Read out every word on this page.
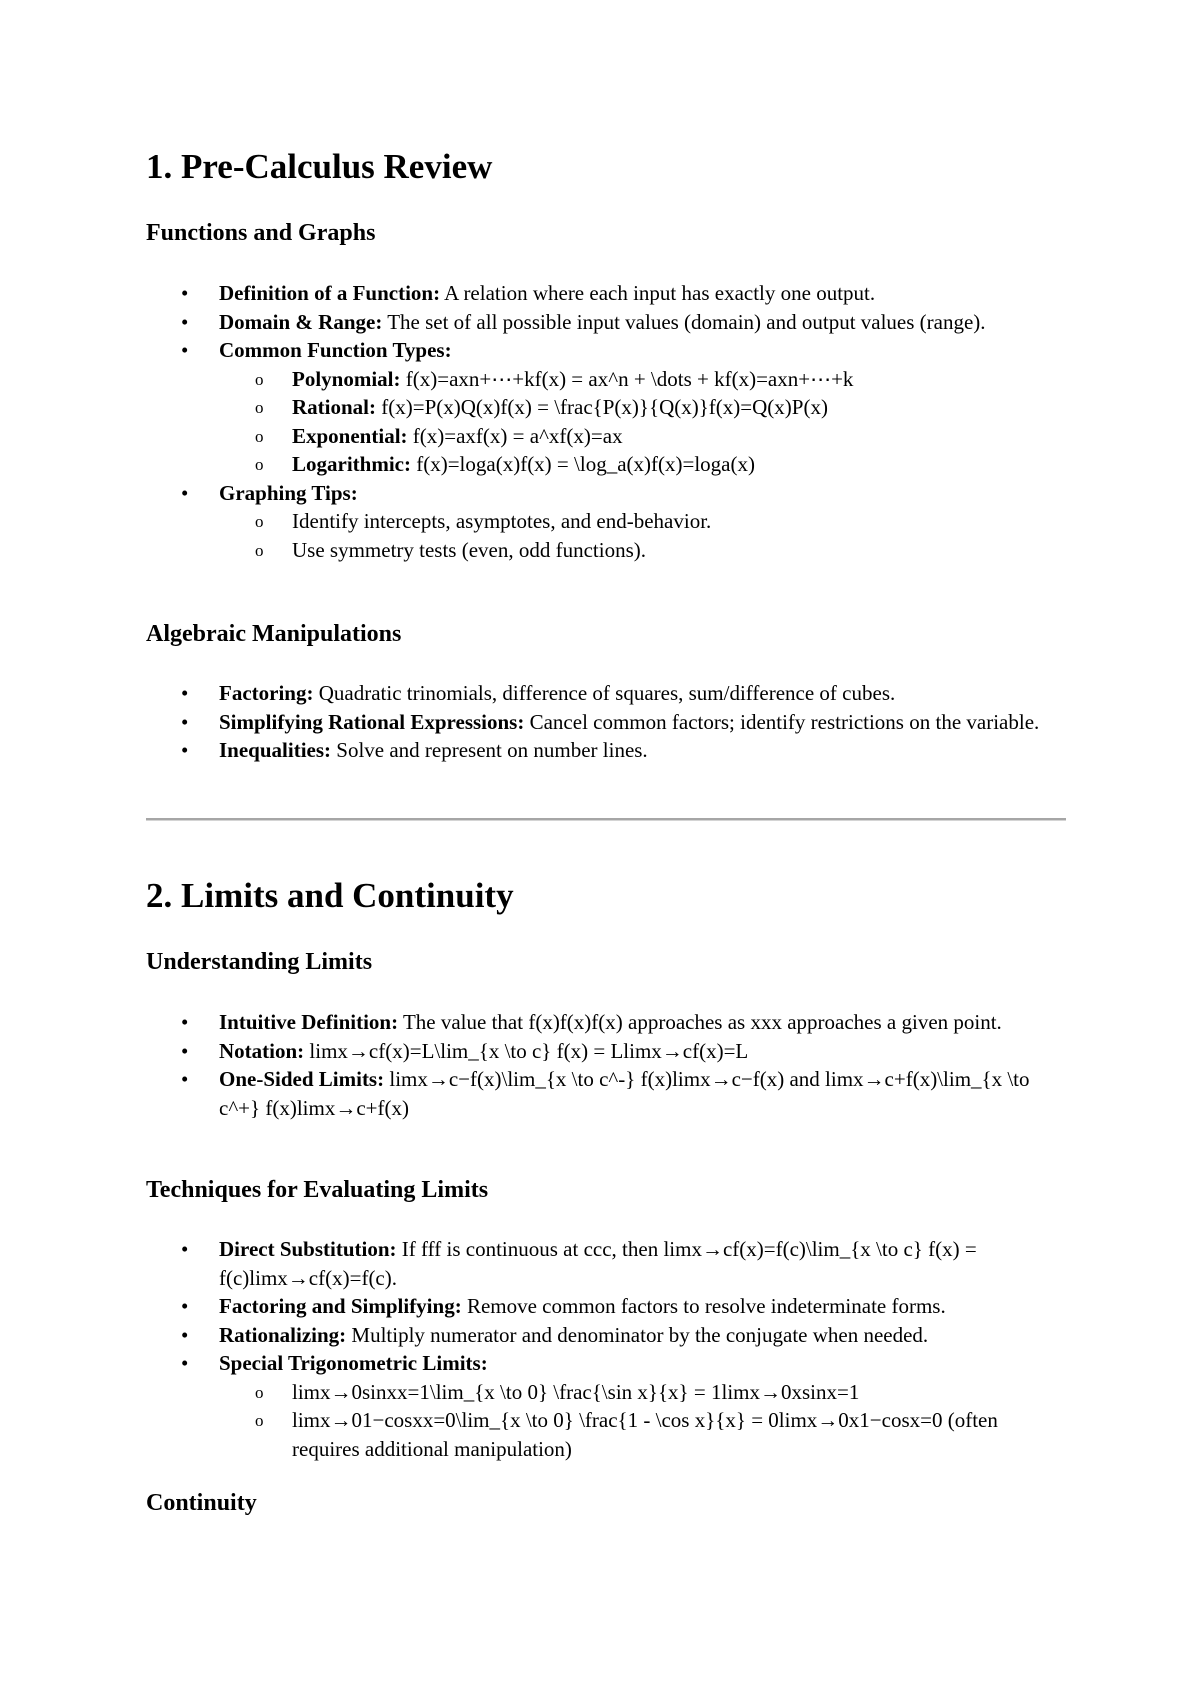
1. Pre-Calculus Review
Functions and Graphs
• Definition of a Function: A relation where each input has exactly one output.
• Domain & Range: The set of all possible input values (domain) and output values (range).
• Common Function Types:
o Polynomial: f(x)=axn+⋯+kf(x) = ax^n + \dots + kf(x)=axn+⋯+k
o Rational: f(x)=P(x)Q(x)f(x) = \frac{P(x)}{Q(x)}f(x)=Q(x)P(x)
o Exponential: f(x)=axf(x) = a^xf(x)=ax
o Logarithmic: f(x)=loga(x)f(x) = \log_a(x)f(x)=loga(x)
• Graphing Tips:
o Identify intercepts, asymptotes, and end-behavior.
o Use symmetry tests (even, odd functions).
Algebraic Manipulations
• Factoring: Quadratic trinomials, difference of squares, sum/difference of cubes.
• Simplifying Rational Expressions: Cancel common factors; identify restrictions on the variable.
• Inequalities: Solve and represent on number lines.
2. Limits and Continuity
Understanding Limits
• Intuitive Definition: The value that f(x)f(x)f(x) approaches as xxx approaches a given point.
• Notation: limx→cf(x)=L\lim_{x \to c} f(x) = Llimx→cf(x)=L
• One-Sided Limits: limx→c−f(x)\lim_{x \to c^-} f(x)limx→c−f(x) and limx→c+f(x)\lim_{x \to c^+} f(x)limx→c+f(x)
Techniques for Evaluating Limits
• Direct Substitution: If fff is continuous at ccc, then limx→cf(x)=f(c)\lim_{x \to c} f(x) = f(c)limx→cf(x)=f(c).
• Factoring and Simplifying: Remove common factors to resolve indeterminate forms.
• Rationalizing: Multiply numerator and denominator by the conjugate when needed.
• Special Trigonometric Limits:
o limx→0sinxx=1\lim_{x \to 0} \frac{\sin x}{x} = 1limx→0xsinx=1
o limx→01−cosxx=0\lim_{x \to 0} \frac{1 - \cos x}{x} = 0limx→0x1−cosx=0 (often requires additional manipulation)
Continuity
